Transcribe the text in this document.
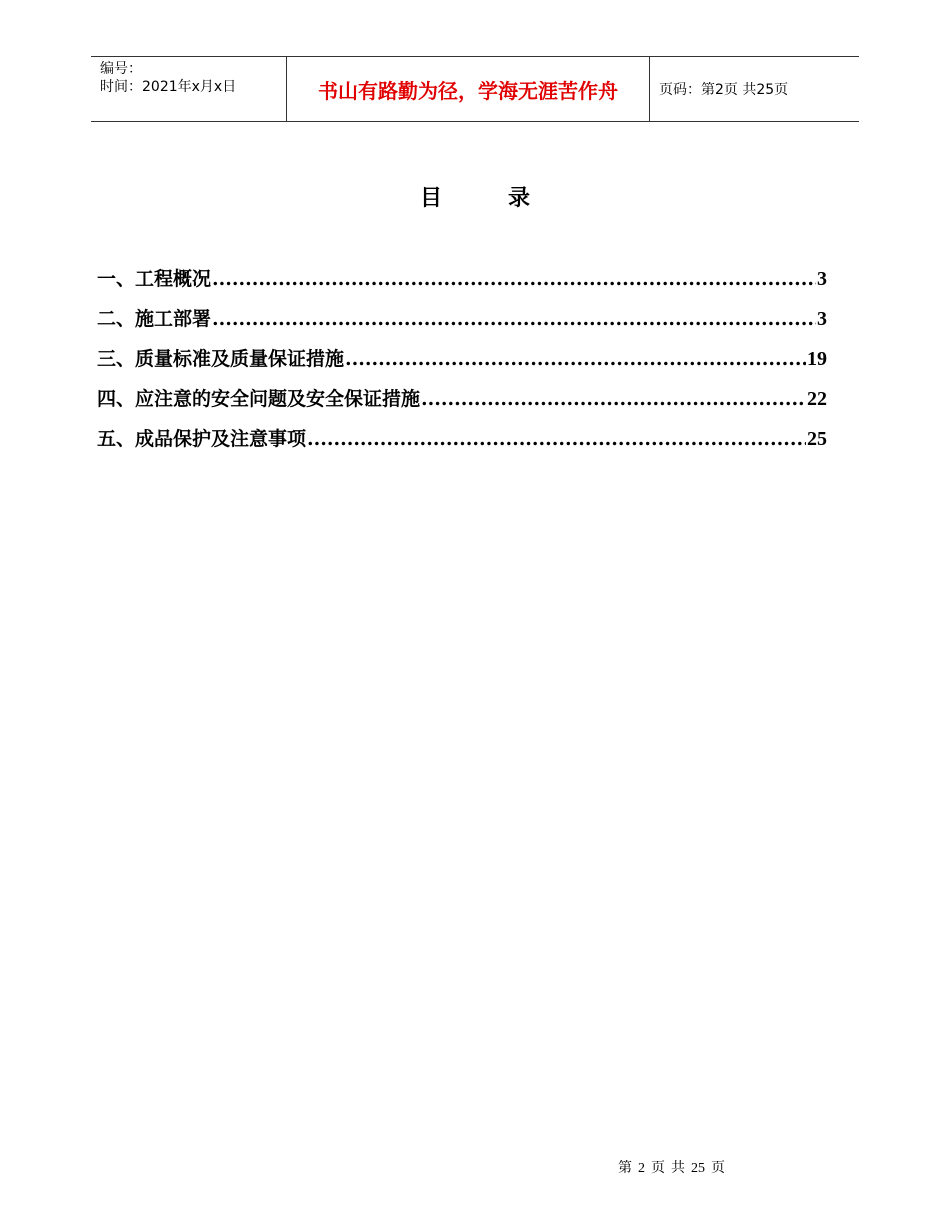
编号：
时间：2021年x月x日	书山有路勤为径，学海无涯苦作舟	页码：第2页 共25页
目	录
一、工程概况 .....	3
二、施工部署 .....	3
三、质量标准及质量保证措施 .....	19
四、应注意的安全问题及安全保证措施 .....	22
五、成品保护及注意事项 .....	25
第 2 页 共 25 页
